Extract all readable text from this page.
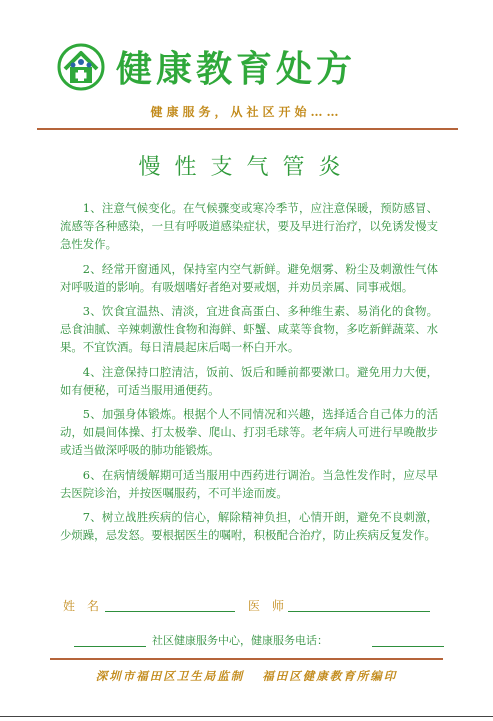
健康教育处方
健康服务，从社区开始……
慢性支气管炎

1、注意气候变化。在气候骤变或寒冷季节，应注意保暖，预防感冒、流感等各种感染，一旦有呼吸道感染症状，要及早进行治疗，以免诱发慢支急性发作。

2、经常开窗通风，保持室内空气新鲜。避免烟雾、粉尘及刺激性气体对呼吸道的影响。有吸烟嗜好者绝对要戒烟，并劝员亲属、同事戒烟。

3、饮食宜温热、清淡，宜进食高蛋白、多种维生素、易消化的食物。忌食油腻、辛辣刺激性食物和海鲜、虾蟹、咸菜等食物，多吃新鲜蔬菜、水果。不宜饮酒。每日清晨起床后喝一杯白开水。

4、注意保持口腔清洁，饭前、饭后和睡前都要漱口。避免用力大便，如有便秘，可适当服用通便药。

5、加强身体锻炼。根据个人不同情况和兴趣，选择适合自己体力的活动，如晨间体操、打太极拳、爬山、打羽毛球等。老年病人可进行早晚散步或适当做深呼吸的肺功能锻炼。

6、在病情缓解期可适当服用中西药进行调治。当急性发作时，应尽早去医院诊治，并按医嘱服药，不可半途而废。

7、树立战胜疾病的信心，解除精神负担，心情开朗，避免不良刺激，少烦躁，忌发怒。要根据医生的嘱咐，积极配合治疗，防止疾病反复发作。

姓　名	医　师
社区健康服务中心，健康服务电话：
深圳市福田区卫生局监制   福田区健康教育所编印
